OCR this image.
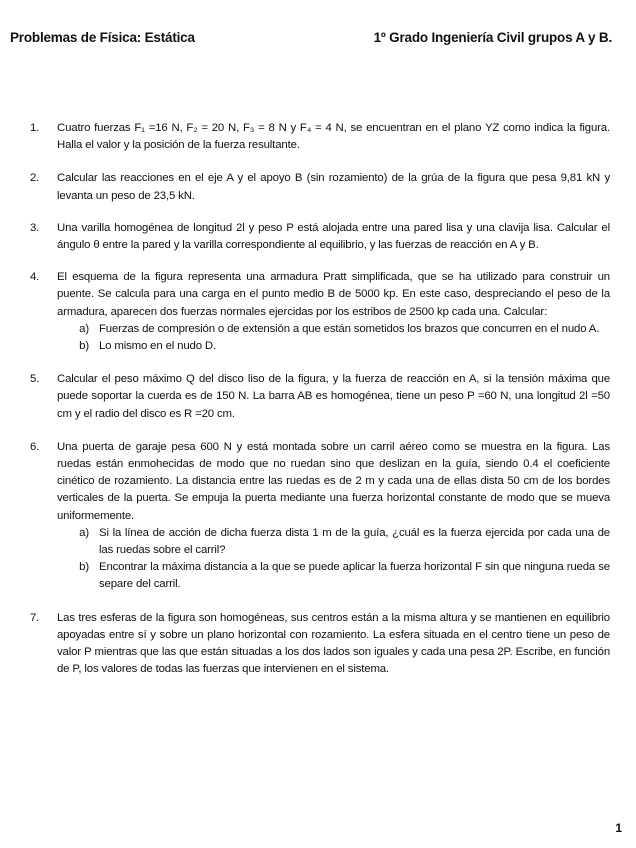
Problemas de Física: Estática	1º Grado Ingeniería Civil grupos A y B.
1.	Cuatro fuerzas F₁ =16 N, F₂ = 20 N, F₃ = 8 N y F₄ = 4 N, se encuentran en el plano YZ como indica la figura. Halla el valor y la posición de la fuerza resultante.
2.	Calcular las reacciones en el eje A y el apoyo B (sin rozamiento) de la grúa de la figura que pesa 9,81 kN y levanta un peso de 23,5 kN.
3.	Una varilla homogénea de longitud 2l y peso P está alojada entre una pared lisa y una clavija lisa. Calcular el ángulo θ entre la pared y la varilla correspondiente al equilibrio, y las fuerzas de reacción en A y B.
4.	El esquema de la figura representa una armadura Pratt simplificada, que se ha utilizado para construir un puente. Se calcula para una carga en el punto medio B de 5000 kp. En este caso, despreciando el peso de la armadura, aparecen dos fuerzas normales ejercidas por los estribos de 2500 kp cada una. Calcular:
a) Fuerzas de compresión o de extensión a que están sometidos los brazos que concurren en el nudo A.
b) Lo mismo en el nudo D.
5.	Calcular el peso máximo Q del disco liso de la figura, y la fuerza de reacción en A, si la tensión máxima que puede soportar la cuerda es de 150 N. La barra AB es homogénea, tiene un peso P =60 N, una longitud 2l =50 cm y el radio del disco es R =20 cm.
6.	Una puerta de garaje pesa 600 N y está montada sobre un carril aéreo como se muestra en la figura. Las ruedas están enmohecidas de modo que no ruedan sino que deslizan en la guía, siendo 0.4 el coeficiente cinético de rozamiento. La distancia entre las ruedas es de 2 m y cada una de ellas dista 50 cm de los bordes verticales de la puerta. Se empuja la puerta mediante una fuerza horizontal constante de modo que se mueva uniformemente.
a) Si la línea de acción de dicha fuerza dista 1 m de la guía, ¿cuál es la fuerza ejercida por cada una de las ruedas sobre el carril?
b) Encontrar la máxima distancia a la que se puede aplicar la fuerza horizontal F sin que ninguna rueda se separe del carril.
7.	Las tres esferas de la figura son homogéneas, sus centros están a la misma altura y se mantienen en equilibrio apoyadas entre sí y sobre un plano horizontal con rozamiento. La esfera situada en el centro tiene un peso de valor P mientras que las que están situadas a los dos lados son iguales y cada una pesa 2P. Escribe, en función de P, los valores de todas las fuerzas que intervienen en el sistema.
1
